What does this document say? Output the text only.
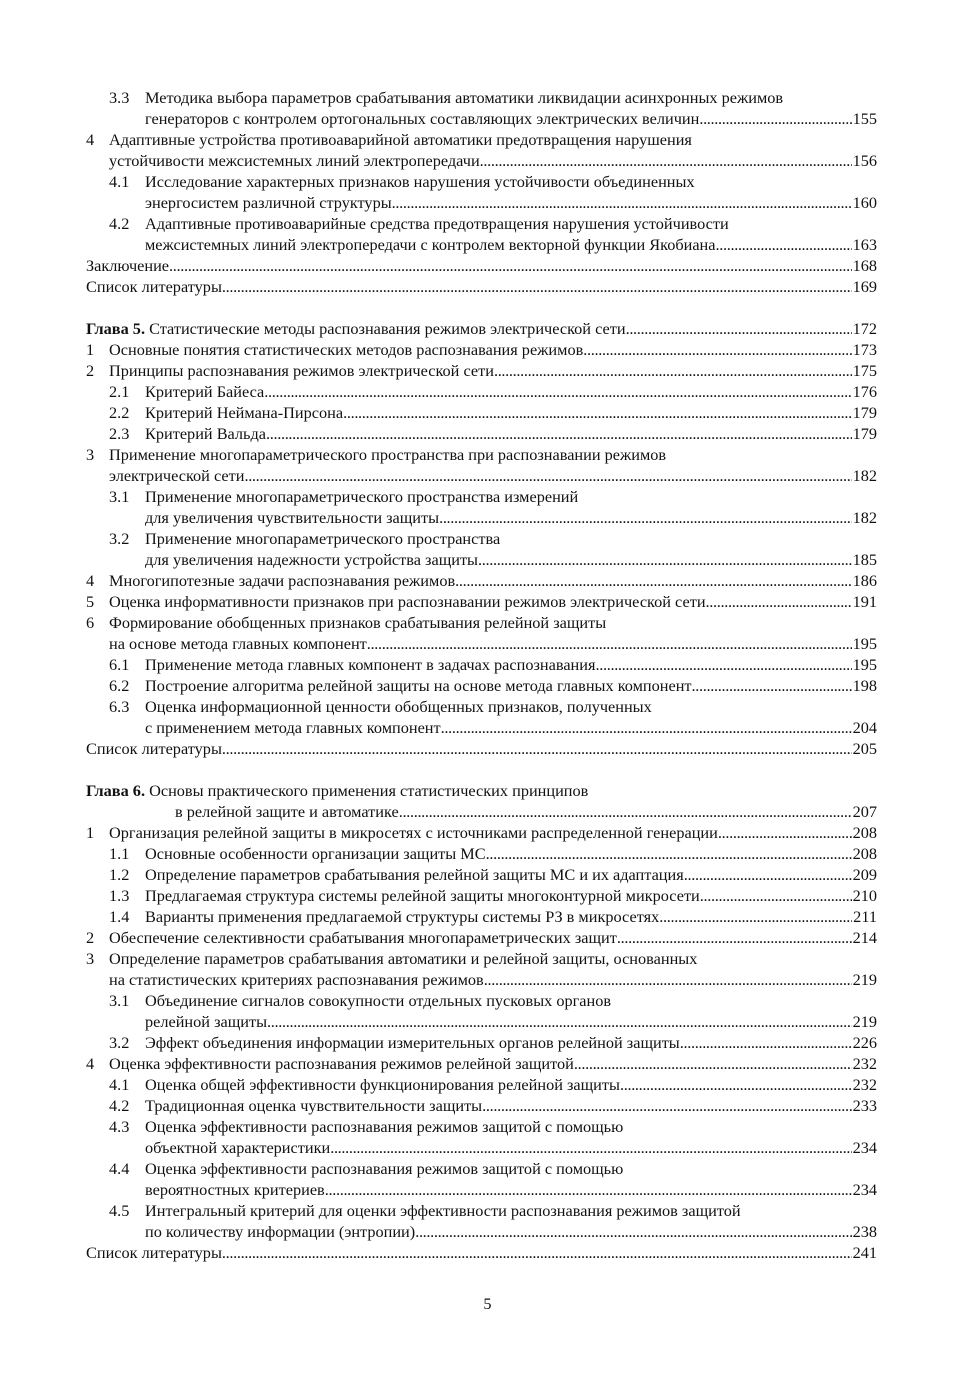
3.3 Методика выбора параметров срабатывания автоматики ликвидации асинхронных режимов
генераторов с контролем ортогональных составляющих электрических величин . . .	155
4 Адаптивные устройства противоаварийной автоматики предотвращения нарушения
устойчивости межсистемных линий электропередачи . . .	156
4.1 Исследование характерных признаков нарушения устойчивости объединенных
энергосистем различной структуры . . .	160
4.2 Адаптивные противоаварийные средства предотвращения нарушения устойчивости
межсистемных линий электропередачи с контролем векторной функции Якобиана . . .	163
Заключение . . .	168
Список литературы . . .	169
Глава 5. Статистические методы распознавания режимов электрической сети . . .	172
1 Основные понятия статистических методов распознавания режимов . . .	173
2 Принципы распознавания режимов электрической сети . . .	175
2.1 Критерий Байеса . . .	176
2.2 Критерий Неймана-Пирсона . . .	179
2.3 Критерий Вальда . . .	179
3 Применение многопараметрического пространства при распознавании режимов
электрической сети . . .	182
3.1 Применение многопараметрического пространства измерений
для увеличения чувствительности защиты . . .	182
3.2 Применение многопараметрического пространства
для увеличения надежности устройства защиты . . .	185
4 Многогипотезные задачи распознавания режимов . . .	186
5 Оценка информативности признаков при распознавании режимов электрической сети . . .	191
6 Формирование обобщенных признаков срабатывания релейной защиты
на основе метода главных компонент . . .	195
6.1 Применение метода главных компонент в задачах распознавания . . .	195
6.2 Построение алгоритма релейной защиты на основе метода главных компонент . . .	198
6.3 Оценка информационной ценности обобщенных признаков, полученных
с применением метода главных компонент . . .	204
Список литературы . . .	205
Глава 6. Основы практического применения статистических принципов
в релейной защите и автоматике . . .	207
1 Организация релейной защиты в микросетях с источниками распределенной генерации . . .	208
1.1 Основные особенности организации защиты МС . . .	208
1.2 Определение параметров срабатывания релейной защиты МС и их адаптация . . .	209
1.3 Предлагаемая структура системы релейной защиты многоконтурной микросети . . .	210
1.4 Варианты применения предлагаемой структуры системы РЗ в микросетях . . .	211
2 Обеспечение селективности срабатывания многопараметрических защит . . .	214
3 Определение параметров срабатывания автоматики и релейной защиты, основанных
на статистических критериях распознавания режимов . . .	219
3.1 Объединение сигналов совокупности отдельных пусковых органов
релейной защиты . . .	219
3.2 Эффект объединения информации измерительных органов релейной защиты . . .	226
4 Оценка эффективности распознавания режимов релейной защитой . . .	232
4.1 Оценка общей эффективности функционирования релейной защиты . . .	232
4.2 Традиционная оценка чувствительности защиты . . .	233
4.3 Оценка эффективности распознавания режимов защитой с помощью
объектной характеристики . . .	234
4.4 Оценка эффективности распознавания режимов защитой с помощью
вероятностных критериев . . .	234
4.5 Интегральный критерий для оценки эффективности распознавания режимов защитой
по количеству информации (энтропии) . . .	238
Список литературы . . .	241
5
